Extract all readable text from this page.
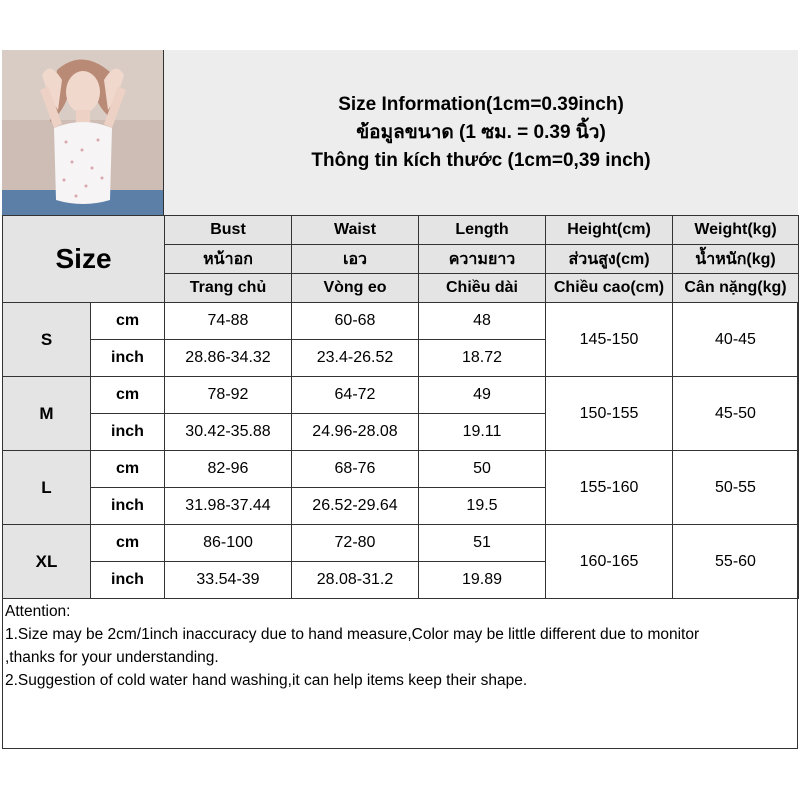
Size Information(1cm=0.39inch)
ข้อมูลขนาด (1 ซม. = 0.39 นิ้ว)
Thông tin kích thước (1cm=0,39 inch)
Size		Bust	Waist	Length	Height(cm)	Weight(kg)
		หน้าอก	เอว	ความยาว	ส่วนสูง(cm)	น้ำหนัก(kg)
		Trang chủ	Vòng eo	Chiều dài	Chiều cao(cm)	Cân nặng(kg)
S	cm	74-88	60-68	48	145-150	40-45
	inch	28.86-34.32	23.4-26.52	18.72		
M	cm	78-92	64-72	49	150-155	45-50
	inch	30.42-35.88	24.96-28.08	19.11		
L	cm	82-96	68-76	50	155-160	50-55
	inch	31.98-37.44	26.52-29.64	19.5		
XL	cm	86-100	72-80	51	160-165	55-60
	inch	33.54-39	28.08-31.2	19.89		
Attention:
1.Size may be 2cm/1inch inaccuracy due to hand measure,Color may be little different due to monitor
,thanks for your understanding.
2.Suggestion of cold water hand washing,it can help items keep their shape.
